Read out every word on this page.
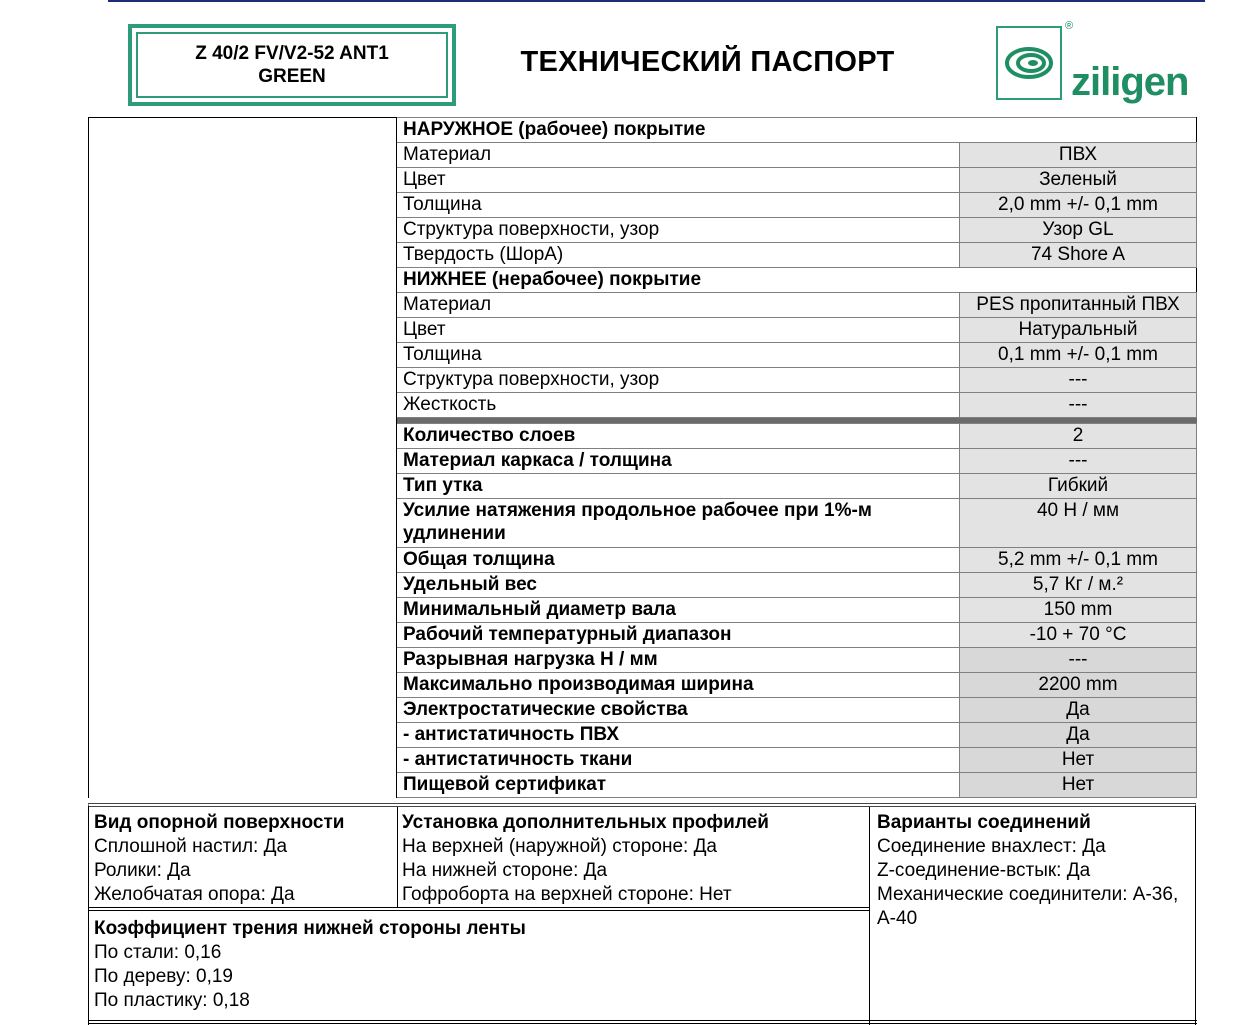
Z 40/2 FV/V2-52 ANT1
GREEN	ТЕХНИЧЕСКИЙ ПАСПОРТ
®
ziligen
	НАРУЖНОЕ (рабочее) покрытие	
	Материал	ПВХ
	Цвет	Зеленый
	Толщина	2,0 mm +/- 0,1 mm
	Структура поверхности, узор	Узор GL
	Твердость (ШорА)	74 Shore A
	НИЖНЕЕ (нерабочее) покрытие	
	Материал	PES пропитанный ПВХ
	Цвет	Натуральный
	Толщина	0,1 mm +/- 0,1 mm
	Структура поверхности, узор	---
	Жесткость	---

	Количество слоев	2
	Материал каркаса / толщина	---
	Тип утка	Гибкий
	Усилие натяжения продольное рабочее при 1%-м удлинении	40 Н / мм
	Общая толщина	5,2 mm +/- 0,1 mm
	Удельный вес	5,7 Кг / м.²
	Минимальный диаметр вала	150 mm
	Рабочий температурный диапазон	-10 + 70 °C
	Разрывная нагрузка Н / мм	---
	Максимально производимая ширина	2200 mm
	Электростатические свойства	Да
	- антистатичность ПВХ	Да
	- антистатичность ткани	Нет
	Пищевой сертификат	Нет
Вид опорной поверхности
Сплошной настил: Да
Ролики: Да
Желобчатая опора: Да
Установка дополнительных профилей
На верхней (наружной) стороне: Да
На нижней стороне: Да
Гофроборта на верхней стороне: Нет
Варианты соединений
Соединение внахлест: Да
Z-соединение-встык: Да
Механические соединители: А-36, А-40
Коэффициент трения нижней стороны ленты
По стали: 0,16
По дереву: 0,19
По пластику: 0,18
